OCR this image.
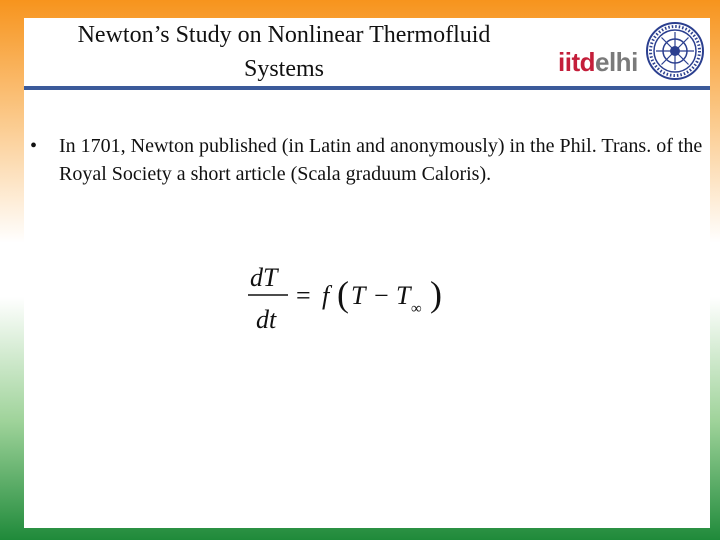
Newton’s Study on Nonlinear Thermofluid
Systems	iitdelhi
• In 1701, Newton published (in Latin and anonymously) in the Phil. Trans. of the Royal Society a short article (Scala graduum Caloris).
dT
dt
= f ( T − T ∞ )
